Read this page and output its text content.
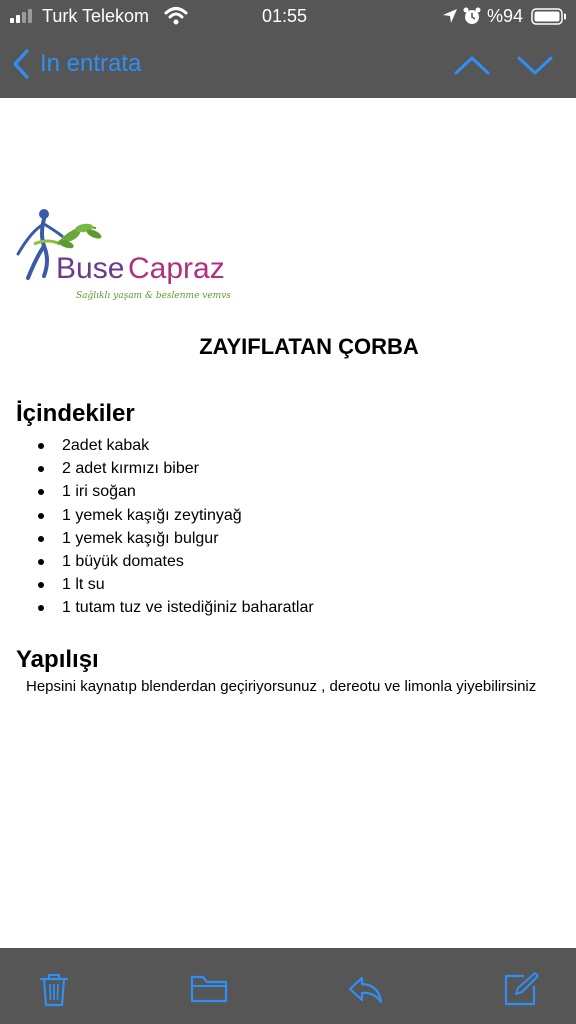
Turk Telekom	01:55	%94
In entrata
Buse Capraz
Sağlıklı yaşam & beslenme vemvs
ZAYIFLATAN ÇORBA
İçindekiler
2adet kabak
2 adet kırmızı biber
1 iri soğan
1 yemek kaşığı zeytinyağ
1 yemek kaşığı bulgur
1 büyük domates
1 lt su
1 tutam tuz ve istediğiniz baharatlar
Yapılışı
Hepsini kaynatıp blenderdan geçiriyorsunuz , dereotu ve limonla yiyebilirsiniz
